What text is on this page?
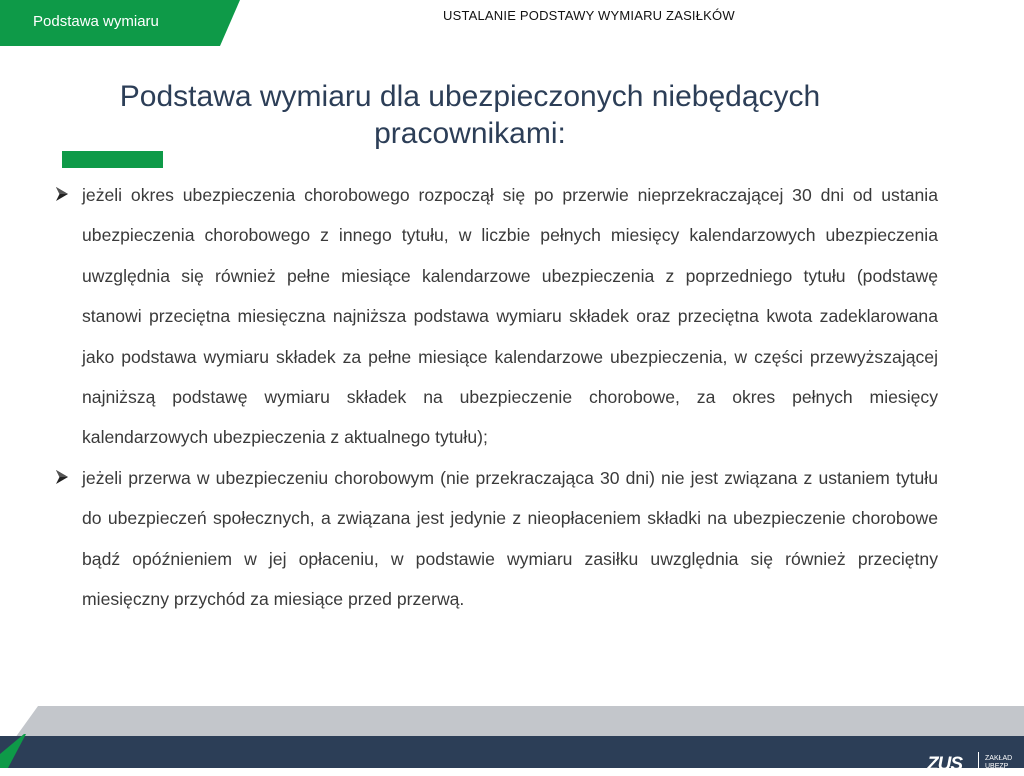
Podstawa wymiaru	USTALANIE PODSTAWY WYMIARU ZASIŁKÓW
Podstawa wymiaru dla ubezpieczonych niebędących pracownikami:
jeżeli okres ubezpieczenia chorobowego rozpoczął się po przerwie nieprzekraczającej 30 dni od ustania ubezpieczenia chorobowego z innego tytułu, w liczbie pełnych miesięcy kalendarzowych ubezpieczenia uwzględnia się również pełne miesiące kalendarzowe ubezpieczenia z poprzedniego tytułu (podstawę stanowi przeciętna miesięczna najniższa podstawa wymiaru składek oraz przeciętna kwota zadeklarowana jako podstawa wymiaru składek za pełne miesiące kalendarzowe ubezpieczenia, w części przewyższającej najniższą podstawę wymiaru składek na ubezpieczenie chorobowe, za okres pełnych miesięcy kalendarzowych ubezpieczenia z aktualnego tytułu);
jeżeli przerwa w ubezpieczeniu chorobowym (nie przekraczająca 30 dni) nie jest związana z ustaniem tytułu do ubezpieczeń społecznych, a związana jest jedynie z nieopłaceniem składki na ubezpieczenie chorobowe bądź opóźnieniem w jej opłaceniu, w podstawie wymiaru zasiłku uwzględnia się również przeciętny miesięczny przychód za miesiące przed przerwą.
ZUS	ZAKŁAD UBEZP
